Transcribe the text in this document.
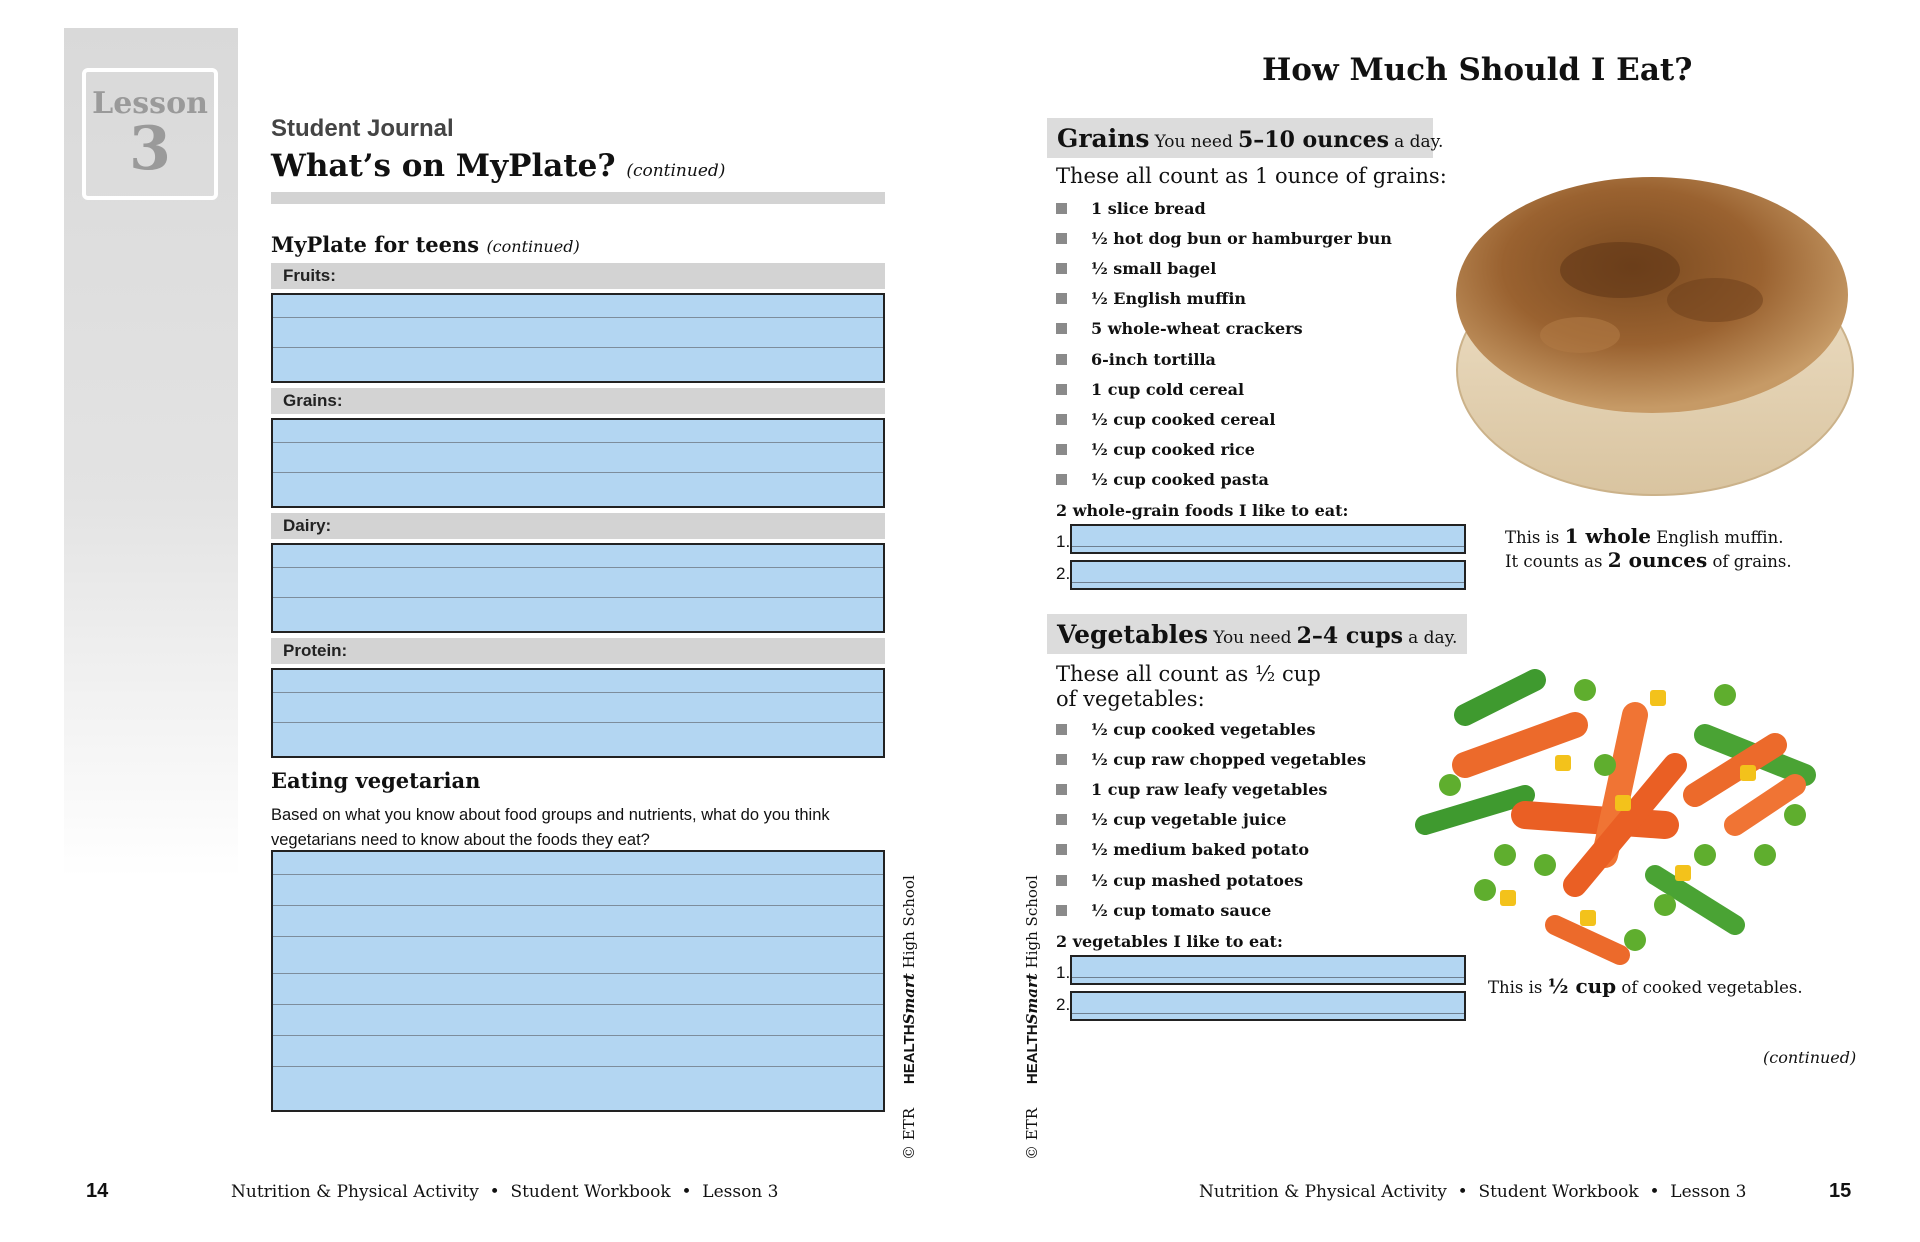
Lesson
3	Student Journal
What’s on MyPlate? (continued)
MyPlate for teens (continued)
Fruits:
Grains:
Dairy:
Protein:
Eating vegetarian
Based on what you know about food groups and nutrients, what do you think vegetarians need to know about the foods they eat?
© ETR     HEALTHSmart High School
© ETR     HEALTHSmart High School
14	Nutrition & Physical Activity  •  Student Workbook  •  Lesson 3
How Much Should I Eat?
Grains You need 5–10 ounces a day.
These all count as 1 ounce of grains:
1 slice bread
½ hot dog bun or hamburger bun
½ small bagel
½ English muffin
5 whole-wheat crackers
6-inch tortilla
1 cup cold cereal
½ cup cooked cereal
½ cup cooked rice
½ cup cooked pasta
2 whole-grain foods I like to eat:
1.
2.
This is 1 whole English muffin.
It counts as 2 ounces of grains.
Vegetables You need 2–4 cups a day.
These all count as ½ cup
of vegetables:
½ cup cooked vegetables
½ cup raw chopped vegetables
1 cup raw leafy vegetables
½ cup vegetable juice
½ medium baked potato
½ cup mashed potatoes
½ cup tomato sauce
2 vegetables I like to eat:
1.
2.
This is ½ cup of cooked vegetables.
(continued)
Nutrition & Physical Activity  •  Student Workbook  •  Lesson 3	15
